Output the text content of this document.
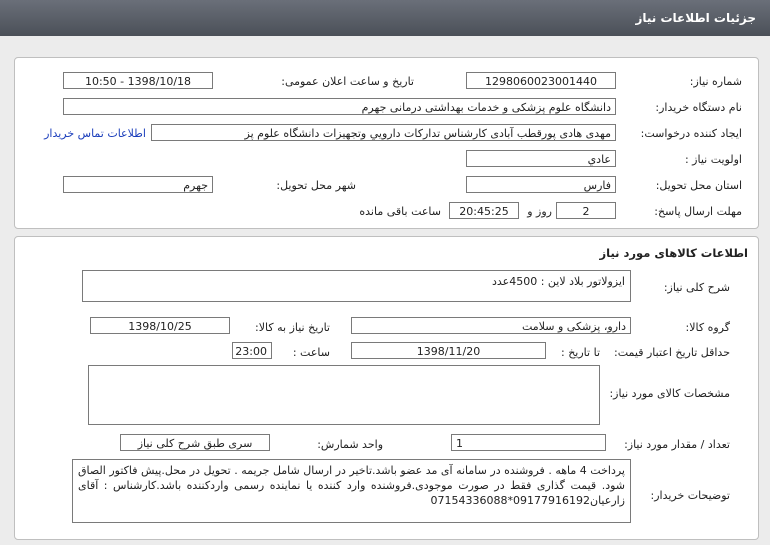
جزئیات اطلاعات نیاز
شماره نیاز:
1298060023001440
تاریخ و ساعت اعلان عمومی:
1398/10/18 - 10:50
نام دستگاه خریدار:
دانشگاه علوم پزشکی و خدمات بهداشتی درمانی جهرم
ایجاد کننده درخواست:
مهدی هادی پورقطب آبادی کارشناس تداركات دارويي وتجهيزات دانشگاه علوم پز
اطلاعات تماس خریدار
اولویت نیاز :
عادي
استان محل تحویل:
فارس
شهر محل تحویل:
جهرم
مهلت ارسال پاسخ:
2
روز و
20:45:25
ساعت باقی مانده
اطلاعات کالاهای مورد نیاز
شرح کلی نیاز:
ایزولاتور بلاد لاین : 4500عدد
گروه کالا:
دارو، پزشکی و سلامت
تاریخ نیاز به کالا:
1398/10/25
حداقل تاریخ اعتبار قیمت:
تا تاریخ :
1398/11/20
ساعت :
23:00
مشخصات کالای مورد نیاز:
تعداد / مقدار مورد نیاز:
1
واحد شمارش:
سری طبق شرح کلی نیاز
توضیحات خریدار:
پرداخت 4 ماهه . فروشنده در سامانه آی مد عضو باشد.تاخیر در ارسال شامل جریمه . تحویل در محل.پیش فاکتور الصاق شود. قیمت گذاری فقط در صورت موجودی.فروشنده وارد کننده یا نماینده رسمی واردکننده باشد.کارشناس : آقای زارعیان09177916192*07154336088
